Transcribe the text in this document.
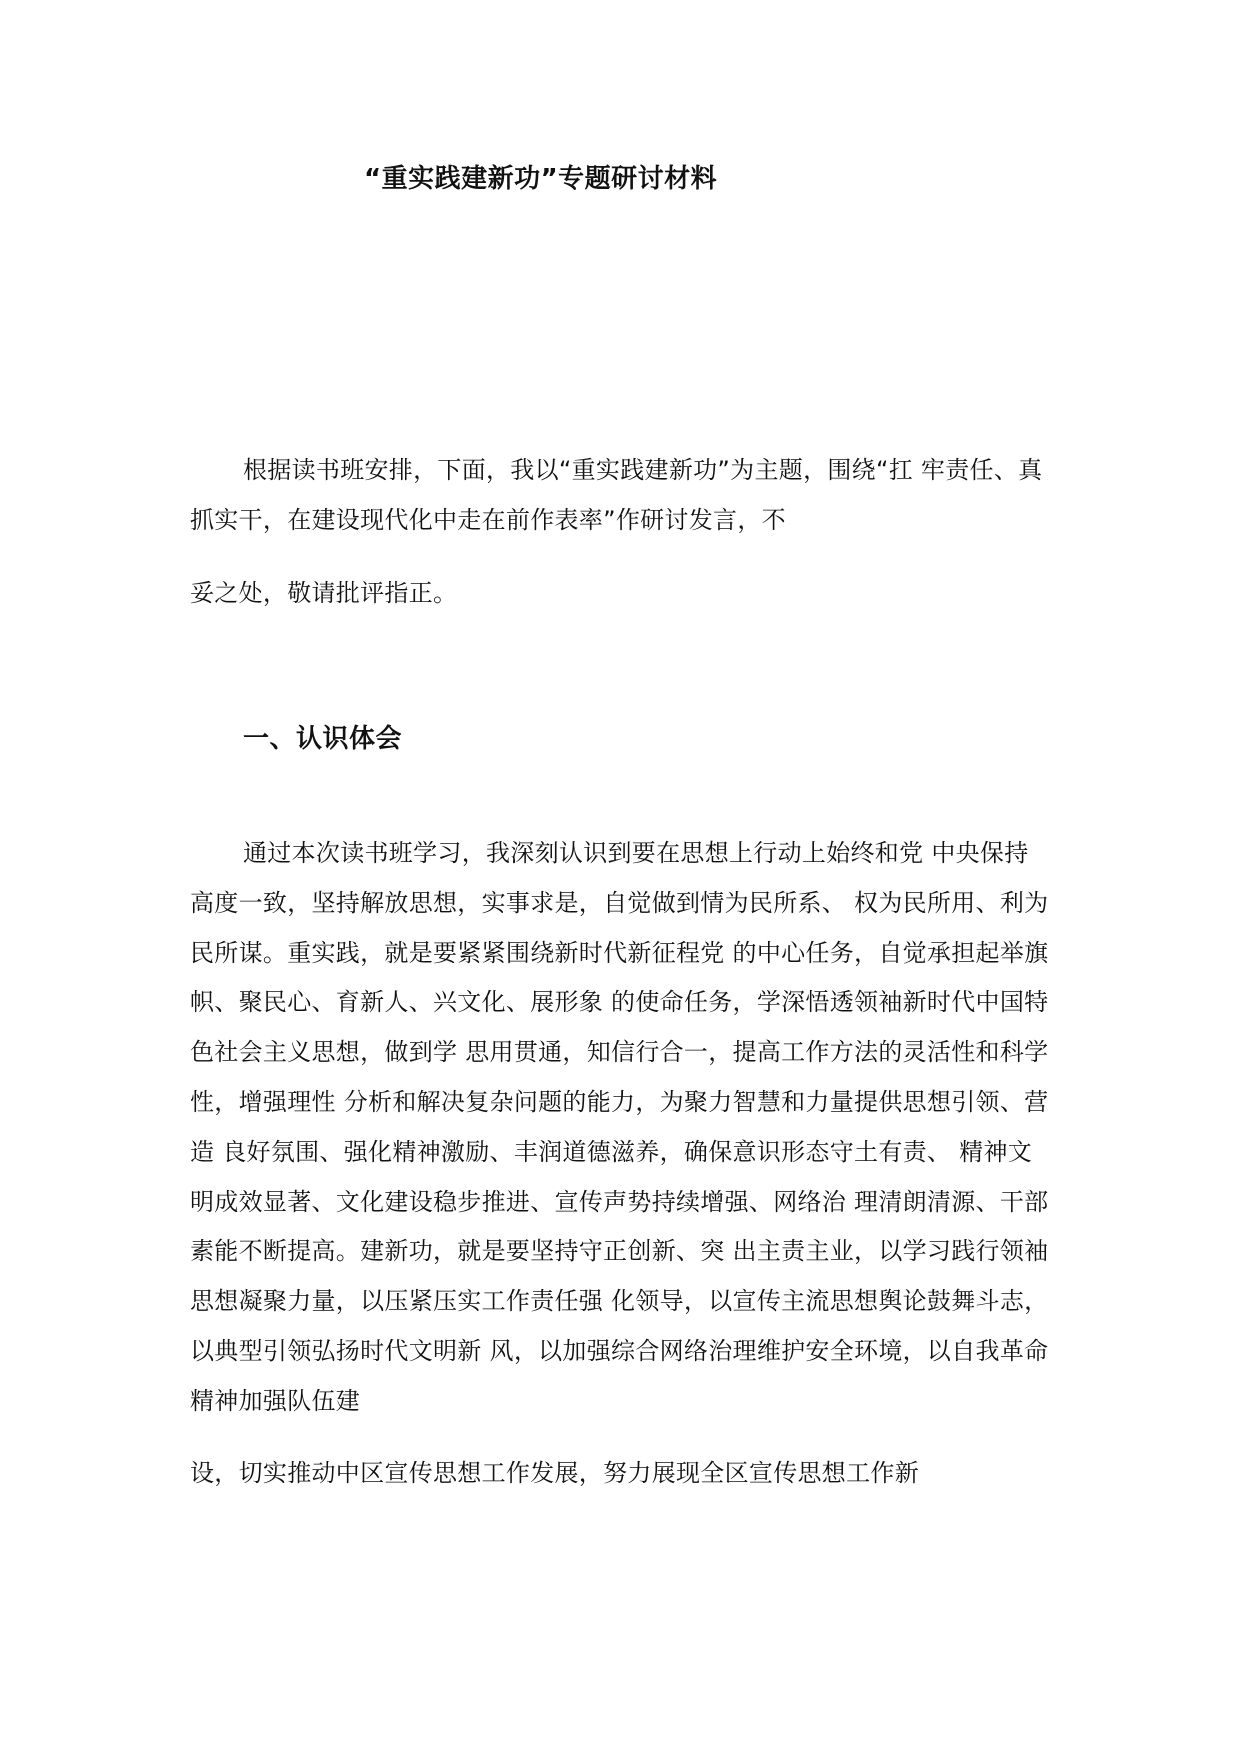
“重实践建新功”专题研讨材料
根据读书班安排，下面，我以“重实践建新功”为主题，围绕“扛 牢责任、真
抓实干，在建设现代化中走在前作表率”作研讨发言，不
妥之处，敬请批评指正。
一、认识体会
通过本次读书班学习，我深刻认识到要在思想上行动上始终和党 中央保持
高度一致，坚持解放思想，实事求是，自觉做到情为民所系、 权为民所用、利为
民所谋。重实践，就是要紧紧围绕新时代新征程党 的中心任务，自觉承担起举旗
帜、聚民心、育新人、兴文化、展形象 的使命任务，学深悟透领袖新时代中国特
色社会主义思想，做到学 思用贯通，知信行合一，提高工作方法的灵活性和科学
性，增强理性 分析和解决复杂问题的能力，为聚力智慧和力量提供思想引领、营
造 良好氛围、强化精神激励、丰润道德滋养，确保意识形态守土有责、 精神文
明成效显著、文化建设稳步推进、宣传声势持续增强、网络治 理清朗清源、干部
素能不断提高。建新功，就是要坚持守正创新、突 出主责主业，以学习践行领袖
思想凝聚力量，以压紧压实工作责任强 化领导，以宣传主流思想舆论鼓舞斗志，
以典型引领弘扬时代文明新 风，以加强综合网络治理维护安全环境，以自我革命
精神加强队伍建
设，切实推动中区宣传思想工作发展，努力展现全区宣传思想工作新
